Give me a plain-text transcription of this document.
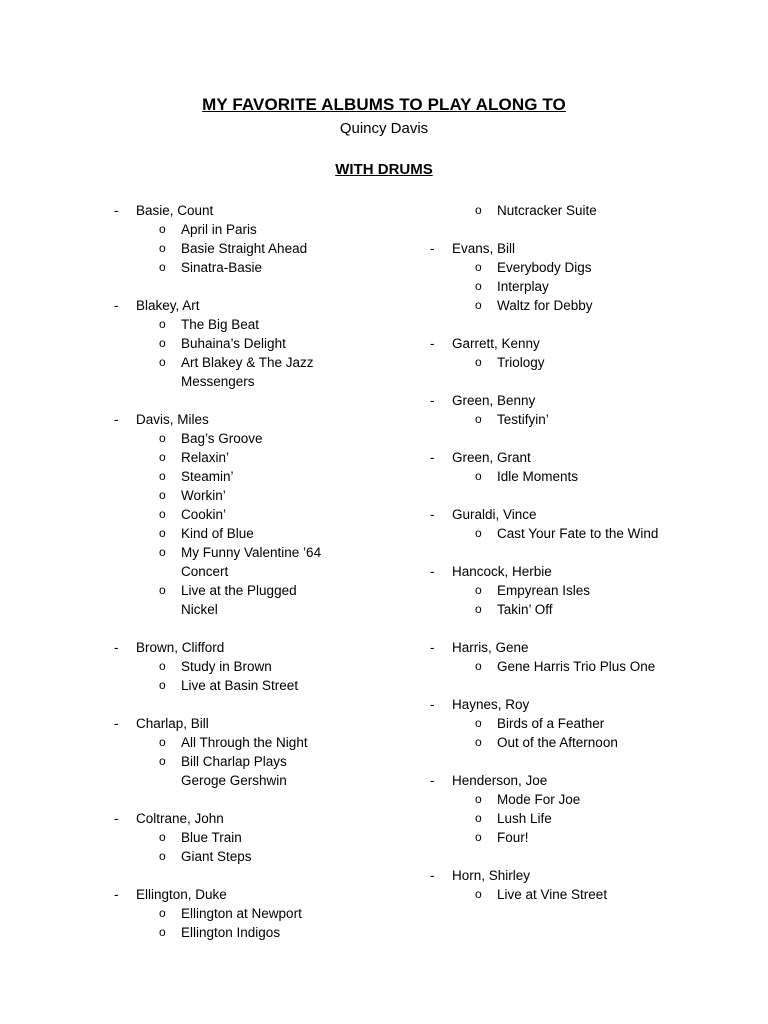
MY FAVORITE ALBUMS TO PLAY ALONG TO
Quincy Davis
WITH DRUMS
- Basie, Count
o April in Paris
o Basie Straight Ahead
o Sinatra-Basie
- Blakey, Art
o The Big Beat
o Buhaina’s Delight
o Art Blakey & The Jazz Messengers
- Davis, Miles
o Bag’s Groove
o Relaxin’
o Steamin’
o Workin’
o Cookin’
o Kind of Blue
o My Funny Valentine ’64 Concert
o Live at the Plugged Nickel
- Brown, Clifford
o Study in Brown
o Live at Basin Street
- Charlap, Bill
o All Through the Night
o Bill Charlap Plays Geroge Gershwin
- Coltrane, John
o Blue Train
o Giant Steps
- Ellington, Duke
o Ellington at Newport
o Ellington Indigos
o Nutcracker Suite
- Evans, Bill
o Everybody Digs
o Interplay
o Waltz for Debby
- Garrett, Kenny
o Triology
- Green, Benny
o Testifyin’
- Green, Grant
o Idle Moments
- Guraldi, Vince
o Cast Your Fate to the Wind
- Hancock, Herbie
o Empyrean Isles
o Takin’ Off
- Harris, Gene
o Gene Harris Trio Plus One
- Haynes, Roy
o Birds of a Feather
o Out of the Afternoon
- Henderson, Joe
o Mode For Joe
o Lush Life
o Four!
- Horn, Shirley
o Live at Vine Street
